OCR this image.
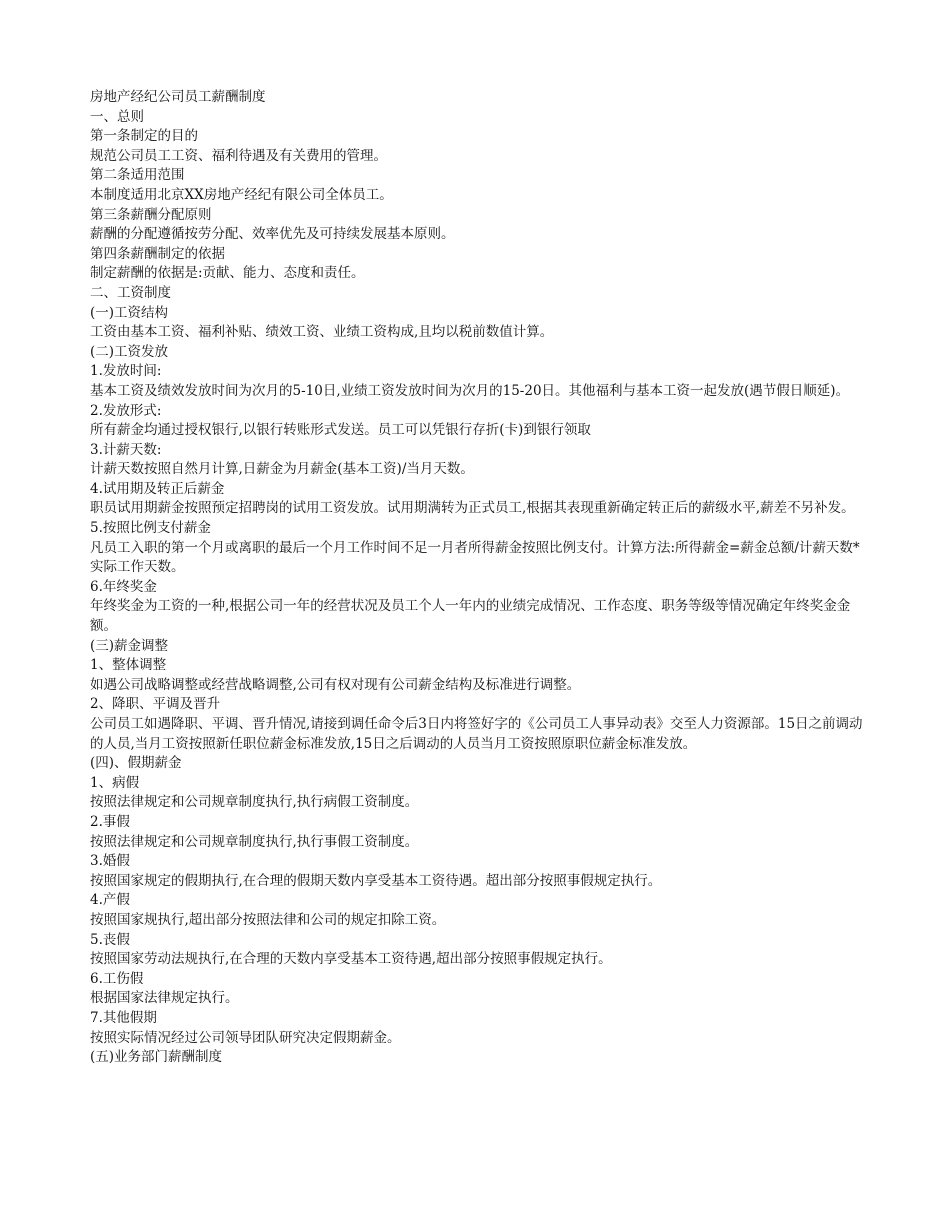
房地产经纪公司员工薪酬制度

一、总则

第一条制定的目的

规范公司员工工资、福利待遇及有关费用的管理。

第二条适用范围

本制度适用北京XX房地产经纪有限公司全体员工。

第三条薪酬分配原则

薪酬的分配遵循按劳分配、效率优先及可持续发展基本原则。

第四条薪酬制定的依据

制定薪酬的依据是:贡献、能力、态度和责任。

二、工资制度

(一)工资结构

工资由基本工资、福利补贴、绩效工资、业绩工资构成,且均以税前数值计算。

(二)工资发放

1.发放时间:

基本工资及绩效发放时间为次月的5-10日,业绩工资发放时间为次月的15-20日。其他福利与基本工资一起发放(遇节假日顺延)。

2.发放形式:

所有薪金均通过授权银行,以银行转账形式发送。员工可以凭银行存折(卡)到银行领取

3.计薪天数:

计薪天数按照自然月计算,日薪金为月薪金(基本工资)/当月天数。

4.试用期及转正后薪金

职员试用期薪金按照预定招聘岗的试用工资发放。试用期满转为正式员工,根据其表现重新确定转正后的薪级水平,薪差不另补发。

5.按照比例支付薪金

凡员工入职的第一个月或离职的最后一个月工作时间不足一月者所得薪金按照比例支付。计算方法:所得薪金=薪金总额/计薪天数*实际工作天数。

6.年终奖金

年终奖金为工资的一种,根据公司一年的经营状况及员工个人一年内的业绩完成情况、工作态度、职务等级等情况确定年终奖金金额。

(三)薪金调整

1、整体调整

如遇公司战略调整或经营战略调整,公司有权对现有公司薪金结构及标准进行调整。

2、降职、平调及晋升

公司员工如遇降职、平调、晋升情况,请接到调任命令后3日内将签好字的《公司员工人事异动表》交至人力资源部。15日之前调动的人员,当月工资按照新任职位薪金标准发放,15日之后调动的人员当月工资按照原职位薪金标准发放。

(四)、假期薪金

1、病假

按照法律规定和公司规章制度执行,执行病假工资制度。

2.事假

按照法律规定和公司规章制度执行,执行事假工资制度。

3.婚假

按照国家规定的假期执行,在合理的假期天数内享受基本工资待遇。超出部分按照事假规定执行。

4.产假

按照国家规执行,超出部分按照法律和公司的规定扣除工资。

5.丧假

按照国家劳动法规执行,在合理的天数内享受基本工资待遇,超出部分按照事假规定执行。

6.工伤假

根据国家法律规定执行。

7.其他假期

按照实际情况经过公司领导团队研究决定假期薪金。

(五)业务部门薪酬制度
